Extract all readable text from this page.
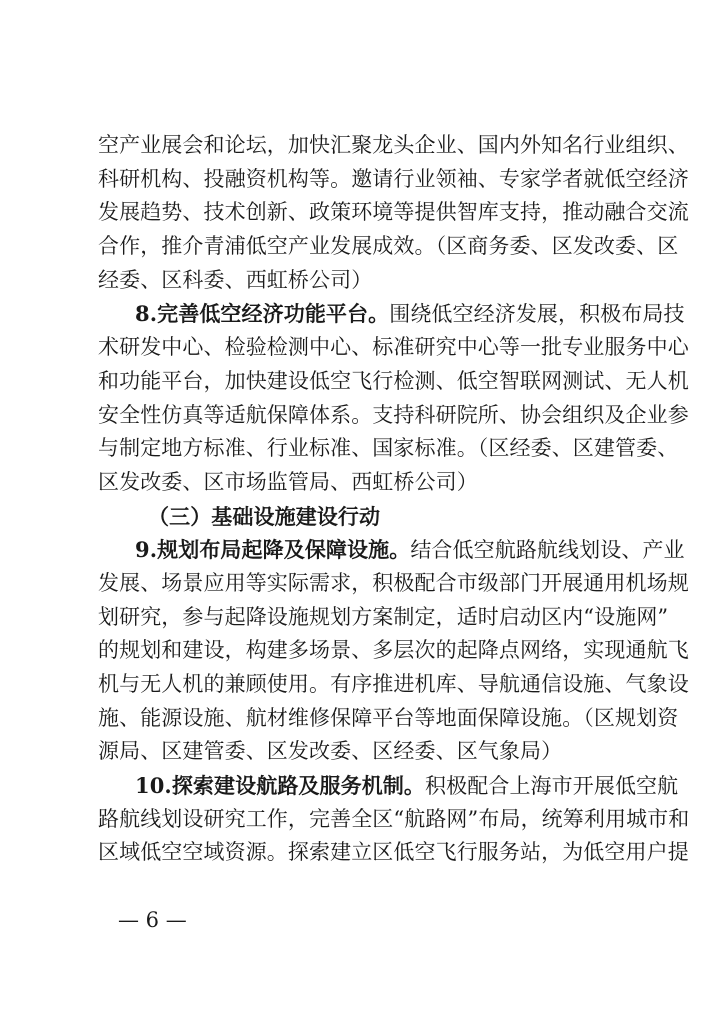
空产业展会和论坛，加快汇聚龙头企业、国内外知名行业组织、
科研机构、投融资机构等。邀请行业领袖、专家学者就低空经济
发展趋势、技术创新、政策环境等提供智库支持，推动融合交流
合作，推介青浦低空产业发展成效。（区商务委、区发改委、区
经委、区科委、西虹桥公司）
8.完善低空经济功能平台。围绕低空经济发展，积极布局技
术研发中心、检验检测中心、标准研究中心等一批专业服务中心
和功能平台，加快建设低空飞行检测、低空智联网测试、无人机
安全性仿真等适航保障体系。支持科研院所、协会组织及企业参
与制定地方标准、行业标准、国家标准。（区经委、区建管委、
区发改委、区市场监管局、西虹桥公司）
（三）基础设施建设行动
9.规划布局起降及保障设施。结合低空航路航线划设、产业
发展、场景应用等实际需求，积极配合市级部门开展通用机场规
划研究，参与起降设施规划方案制定，适时启动区内“设施网”
的规划和建设，构建多场景、多层次的起降点网络，实现通航飞
机与无人机的兼顾使用。有序推进机库、导航通信设施、气象设
施、能源设施、航材维修保障平台等地面保障设施。（区规划资
源局、区建管委、区发改委、区经委、区气象局）
10.探索建设航路及服务机制。积极配合上海市开展低空航
路航线划设研究工作，完善全区“航路网”布局，统筹利用城市和
区域低空空域资源。探索建立区低空飞行服务站，为低空用户提
— 6 —
